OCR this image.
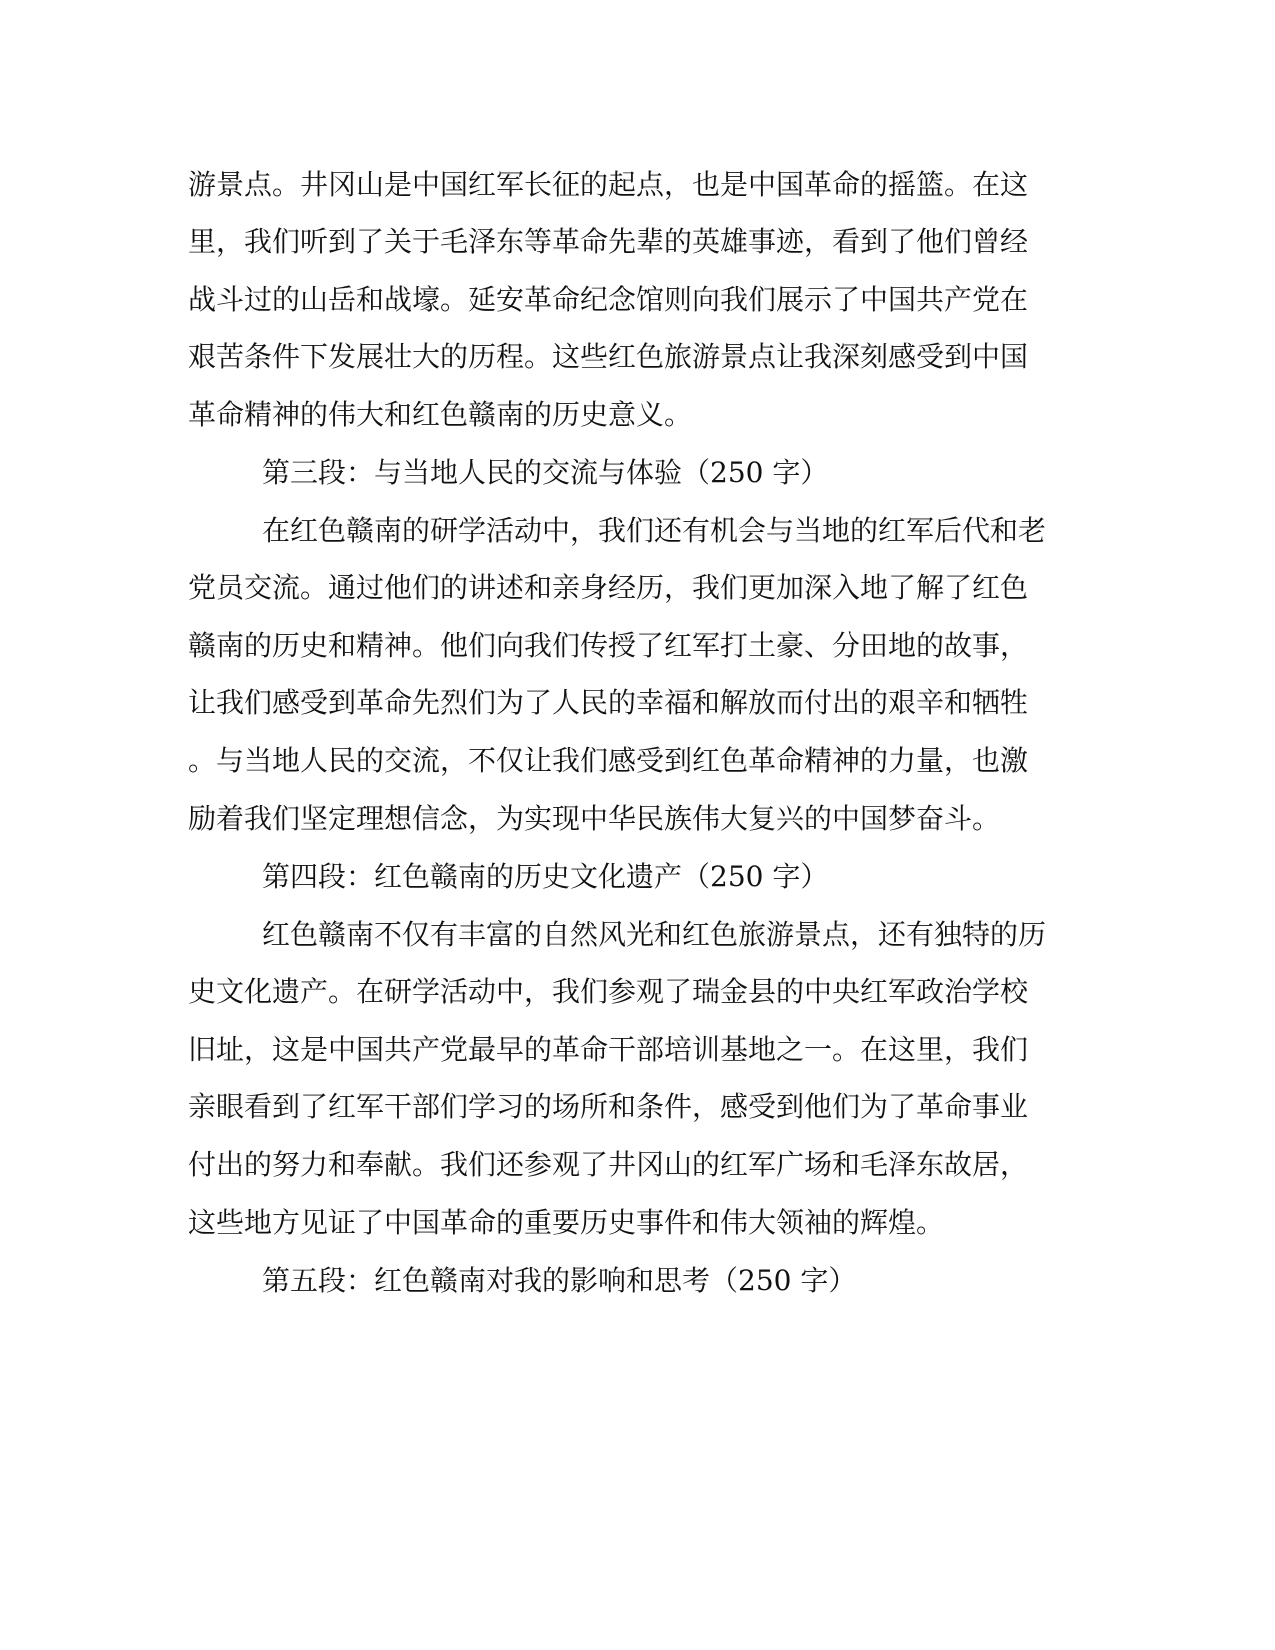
游景点。井冈山是中国红军长征的起点，也是中国革命的摇篮。在这
里，我们听到了关于毛泽东等革命先辈的英雄事迹，看到了他们曾经
战斗过的山岳和战壕。延安革命纪念馆则向我们展示了中国共产党在
艰苦条件下发展壮大的历程。这些红色旅游景点让我深刻感受到中国
革命精神的伟大和红色赣南的历史意义。
第三段：与当地人民的交流与体验（250 字）
在红色赣南的研学活动中，我们还有机会与当地的红军后代和老
党员交流。通过他们的讲述和亲身经历，我们更加深入地了解了红色
赣南的历史和精神。他们向我们传授了红军打土豪、分田地的故事，
让我们感受到革命先烈们为了人民的幸福和解放而付出的艰辛和牺牲
。与当地人民的交流，不仅让我们感受到红色革命精神的力量，也激
励着我们坚定理想信念，为实现中华民族伟大复兴的中国梦奋斗。
第四段：红色赣南的历史文化遗产（250 字）
红色赣南不仅有丰富的自然风光和红色旅游景点，还有独特的历
史文化遗产。在研学活动中，我们参观了瑞金县的中央红军政治学校
旧址，这是中国共产党最早的革命干部培训基地之一。在这里，我们
亲眼看到了红军干部们学习的场所和条件，感受到他们为了革命事业
付出的努力和奉献。我们还参观了井冈山的红军广场和毛泽东故居，
这些地方见证了中国革命的重要历史事件和伟大领袖的辉煌。
第五段：红色赣南对我的影响和思考（250 字）
